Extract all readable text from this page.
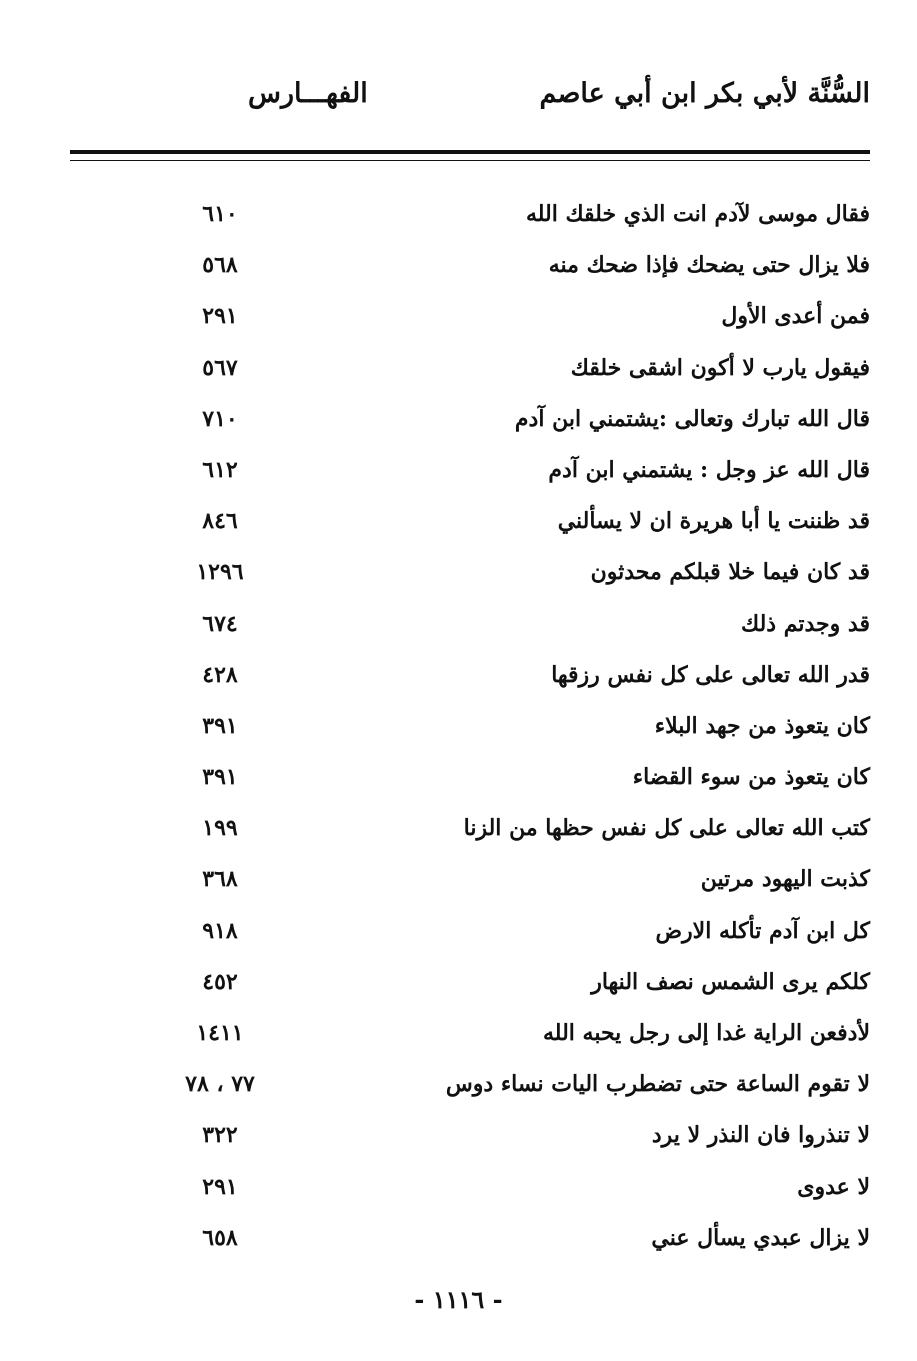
السُّنَّة لأبي بكر ابن أبي عاصم
الفهـــارس
فقال موسى لآدم انت الذي خلقك الله
٦١٠
فلا يزال حتى يضحك فإذا ضحك منه
٥٦٨
فمن أعدى الأول
٢٩١
فيقول يارب لا أكون اشقى خلقك
٥٦٧
قال الله تبارك وتعالى :يشتمني ابن آدم
٧١٠
قال الله عز وجل : يشتمني ابن آدم
٦١٢
قد ظننت يا أبا هريرة ان لا يسألني
٨٤٦
قد كان فيما خلا قبلكم محدثون
١٢٩٦
قد وجدتم ذلك
٦٧٤
قدر الله تعالى على كل نفس رزقها
٤٢٨
كان يتعوذ من جهد البلاء
٣٩١
كان يتعوذ من سوء القضاء
٣٩١
كتب الله تعالى على كل نفس حظها من الزنا
١٩٩
كذبت اليهود مرتين
٣٦٨
كل ابن آدم تأكله الارض
٩١٨
كلكم يرى الشمس نصف النهار
٤٥٢
لأدفعن الراية غدا إلى رجل يحبه الله
١٤١١
لا تقوم الساعة حتى تضطرب اليات نساء دوس
٧٧ ، ٧٨
لا تنذروا فان النذر لا يرد
٣٢٢
لا عدوى
٢٩١
لا يزال عبدي يسأل عني
٦٥٨
- ١١١٦ -
